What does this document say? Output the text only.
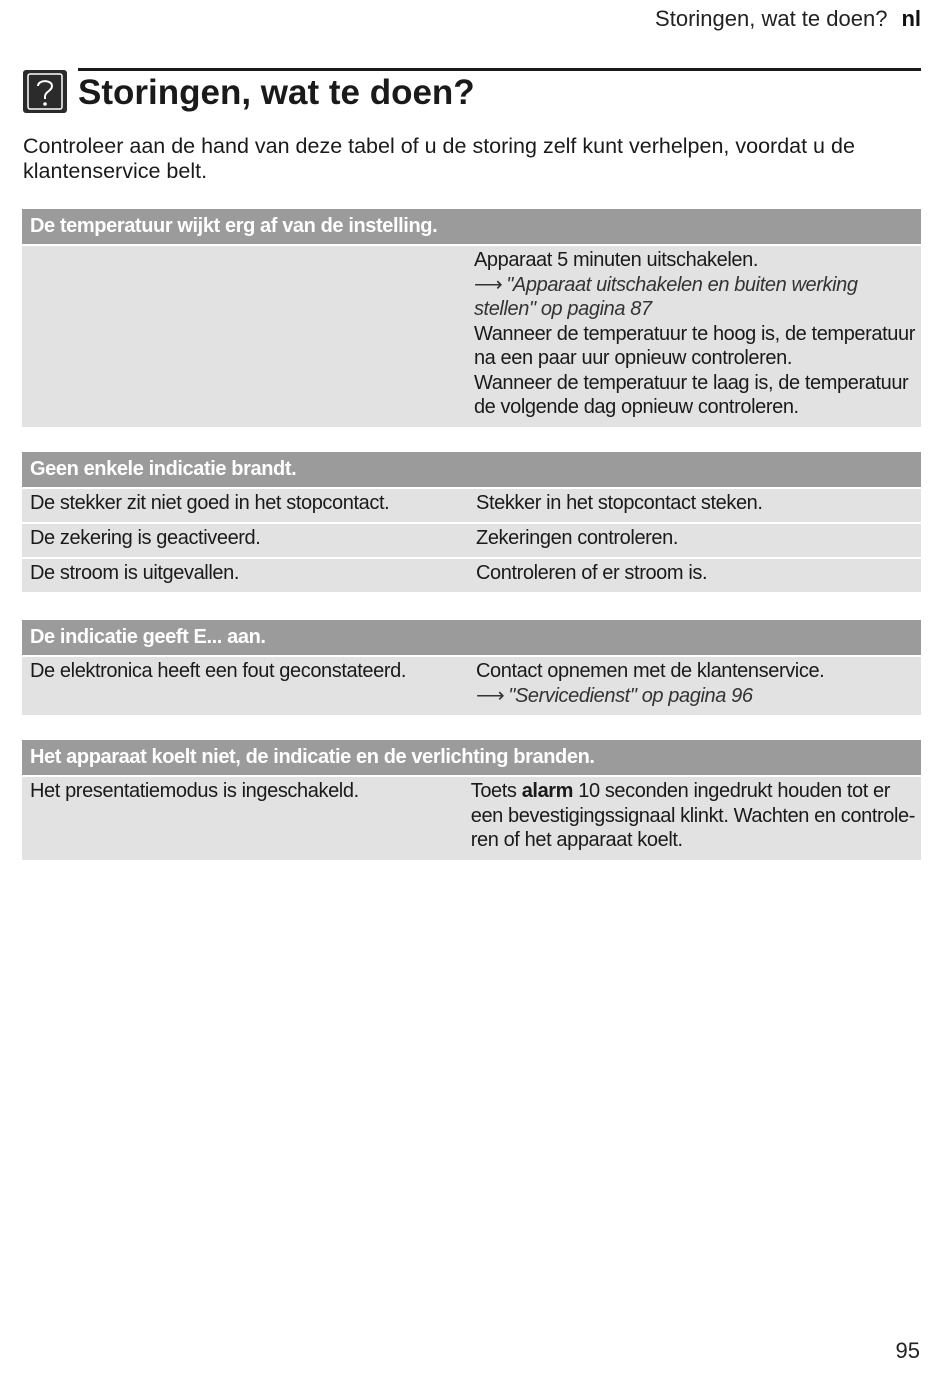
Storingen, wat te doen? nl
Storingen, wat te doen?

Controleer aan de hand van deze tabel of u de storing zelf kunt verhelpen, voordat u de klantenservice belt.

De temperatuur wijkt erg af van de instelling.
Apparaat 5 minuten uitschakelen.
⟶ "Apparaat uitschakelen en buiten werking
stellen" op pagina 87
Wanneer de temperatuur te hoog is, de temperatuur
na een paar uur opnieuw controleren.
Wanneer de temperatuur te laag is, de temperatuur
de volgende dag opnieuw controleren.
Geen enkele indicatie brandt.
De stekker zit niet goed in het stopcontact.	Stekker in het stopcontact steken.
De zekering is geactiveerd.	Zekeringen controleren.
De stroom is uitgevallen.	Controleren of er stroom is.
De indicatie geeft E... aan.
De elektronica heeft een fout geconstateerd.	Contact opnemen met de klantenservice.
⟶ "Servicedienst" op pagina 96
Het apparaat koelt niet, de indicatie en de verlichting branden.
Het presentatiemodus is ingeschakeld.	Toets alarm 10 seconden ingedrukt houden tot er
een bevestigingssignaal klinkt. Wachten en controle-
ren of het apparaat koelt.
95
